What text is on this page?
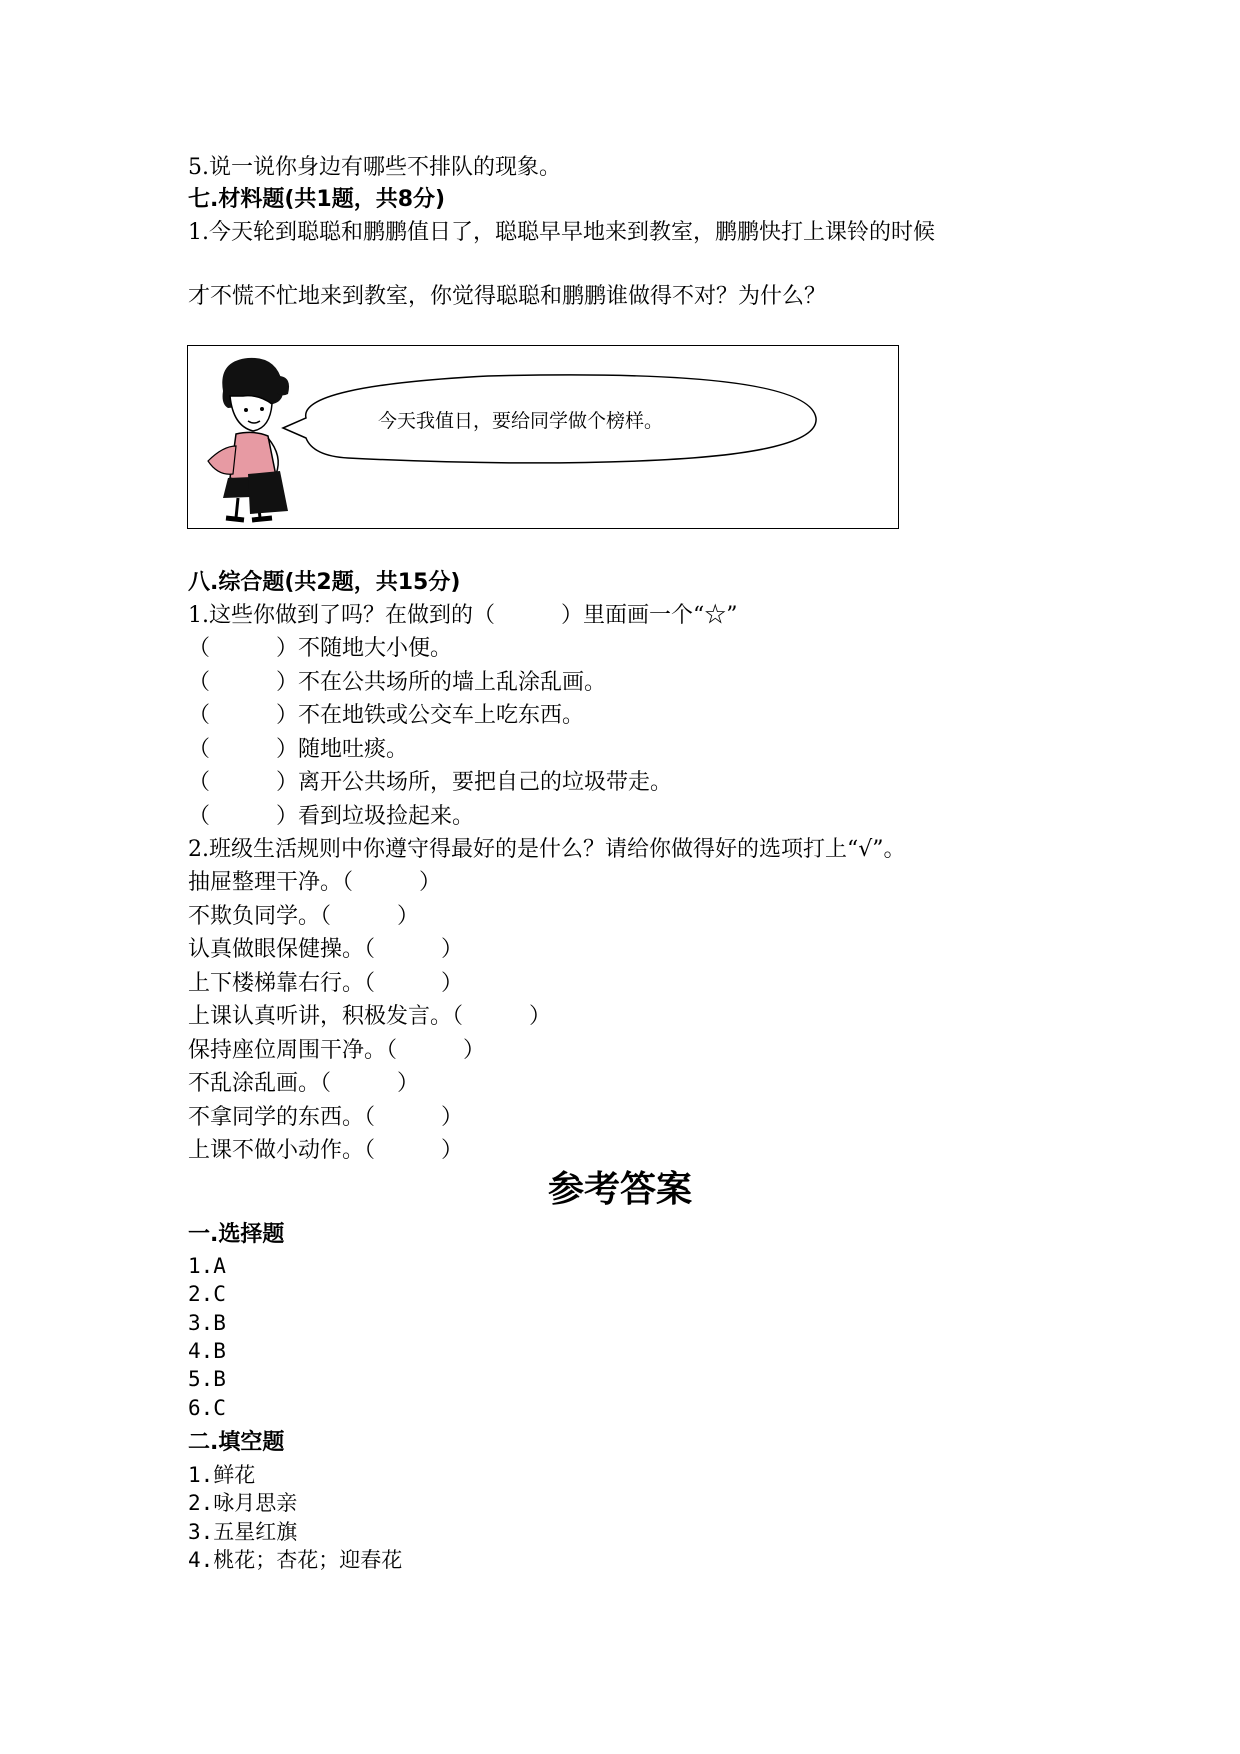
5.说一说你身边有哪些不排队的现象。
七.材料题(共1题，共8分)
1.今天轮到聪聪和鹏鹏值日了，聪聪早早地来到教室，鹏鹏快打上课铃的时候
才不慌不忙地来到教室，你觉得聪聪和鹏鹏谁做得不对？为什么？
今天我值日，要给同学做个榜样。
八.综合题(共2题，共15分)
1.这些你做到了吗？在做到的（　　　）里面画一个“☆”
（　　　）不随地大小便。
（　　　）不在公共场所的墙上乱涂乱画。
（　　　）不在地铁或公交车上吃东西。
（　　　）随地吐痰。
（　　　）离开公共场所，要把自己的垃圾带走。
（　　　）看到垃圾捡起来。
2.班级生活规则中你遵守得最好的是什么？请给你做得好的选项打上“√”。
抽屉整理干净。（　　　）
不欺负同学。（　　　）
认真做眼保健操。（　　　）
上下楼梯靠右行。（　　　）
上课认真听讲，积极发言。（　　　）
保持座位周围干净。（　　　）
不乱涂乱画。（　　　）
不拿同学的东西。（　　　）
上课不做小动作。（　　　）
参考答案
一.选择题
1.A
2.C
3.B
4.B
5.B
6.C
二.填空题
1.鲜花
2.咏月思亲
3.五星红旗
4.桃花；杏花；迎春花
